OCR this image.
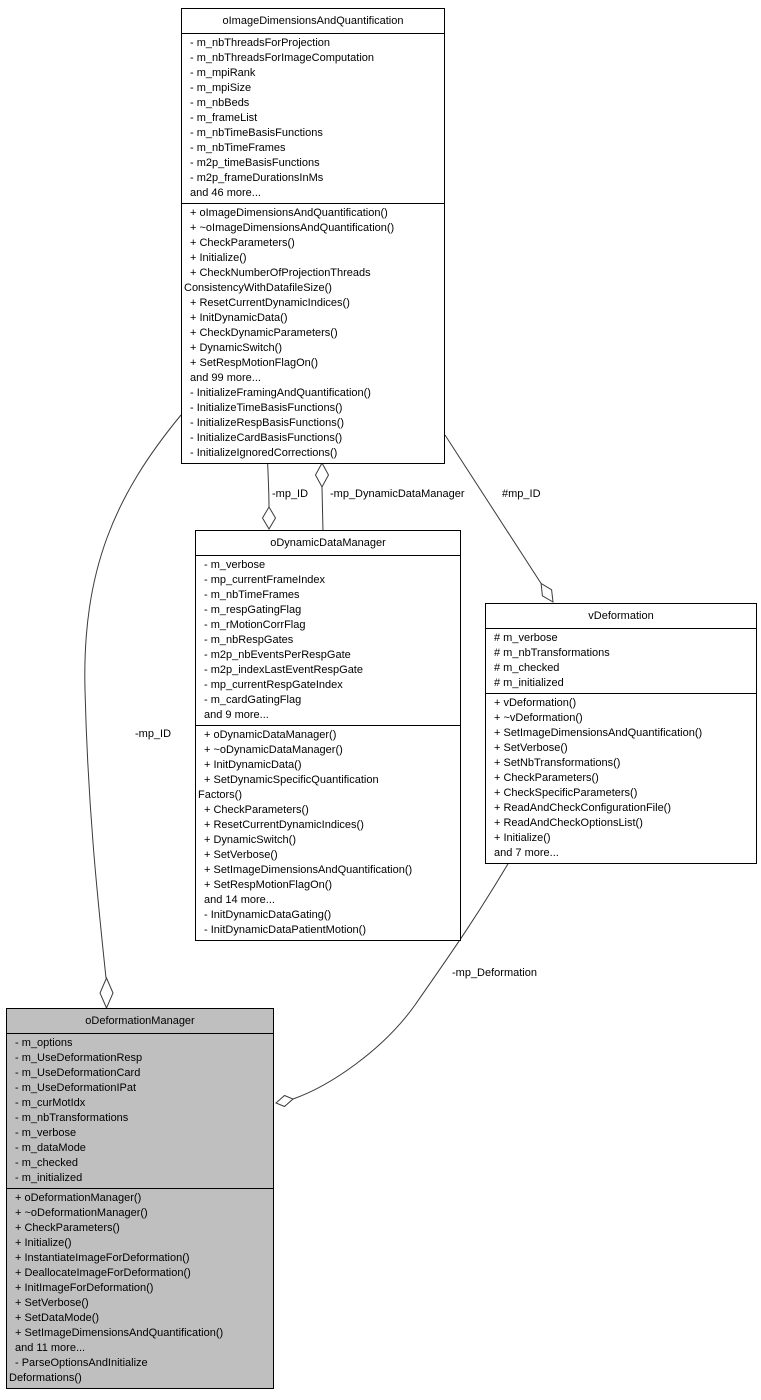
oImageDimensionsAndQuantification
- m_nbThreadsForProjection
- m_nbThreadsForImageComputation
- m_mpiRank
- m_mpiSize
- m_nbBeds
- m_frameList
- m_nbTimeBasisFunctions
- m_nbTimeFrames
- m2p_timeBasisFunctions
- m2p_frameDurationsInMs
and 46 more...
+ oImageDimensionsAndQuantification()
+ ~oImageDimensionsAndQuantification()
+ CheckParameters()
+ Initialize()
+ CheckNumberOfProjectionThreads
ConsistencyWithDatafileSize()
+ ResetCurrentDynamicIndices()
+ InitDynamicData()
+ CheckDynamicParameters()
+ DynamicSwitch()
+ SetRespMotionFlagOn()
and 99 more...
- InitializeFramingAndQuantification()
- InitializeTimeBasisFunctions()
- InitializeRespBasisFunctions()
- InitializeCardBasisFunctions()
- InitializeIgnoredCorrections()
oDynamicDataManager
- m_verbose
- mp_currentFrameIndex
- m_nbTimeFrames
- m_respGatingFlag
- m_rMotionCorrFlag
- m_nbRespGates
- m2p_nbEventsPerRespGate
- m2p_indexLastEventRespGate
- mp_currentRespGateIndex
- m_cardGatingFlag
and 9 more...
+ oDynamicDataManager()
+ ~oDynamicDataManager()
+ InitDynamicData()
+ SetDynamicSpecificQuantification
Factors()
+ CheckParameters()
+ ResetCurrentDynamicIndices()
+ DynamicSwitch()
+ SetVerbose()
+ SetImageDimensionsAndQuantification()
+ SetRespMotionFlagOn()
and 14 more...
- InitDynamicDataGating()
- InitDynamicDataPatientMotion()
vDeformation
# m_verbose
# m_nbTransformations
# m_checked
# m_initialized
+ vDeformation()
+ ~vDeformation()
+ SetImageDimensionsAndQuantification()
+ SetVerbose()
+ SetNbTransformations()
+ CheckParameters()
+ CheckSpecificParameters()
+ ReadAndCheckConfigurationFile()
+ ReadAndCheckOptionsList()
+ Initialize()
and 7 more...
oDeformationManager
- m_options
- m_UseDeformationResp
- m_UseDeformationCard
- m_UseDeformationIPat
- m_curMotIdx
- m_nbTransformations
- m_verbose
- m_dataMode
- m_checked
- m_initialized
+ oDeformationManager()
+ ~oDeformationManager()
+ CheckParameters()
+ Initialize()
+ InstantiateImageForDeformation()
+ DeallocateImageForDeformation()
+ InitImageForDeformation()
+ SetVerbose()
+ SetDataMode()
+ SetImageDimensionsAndQuantification()
and 11 more...
- ParseOptionsAndInitialize
Deformations()
-mp_ID -mp_DynamicDataManager	#mp_ID
-mp_ID
-mp_Deformation
